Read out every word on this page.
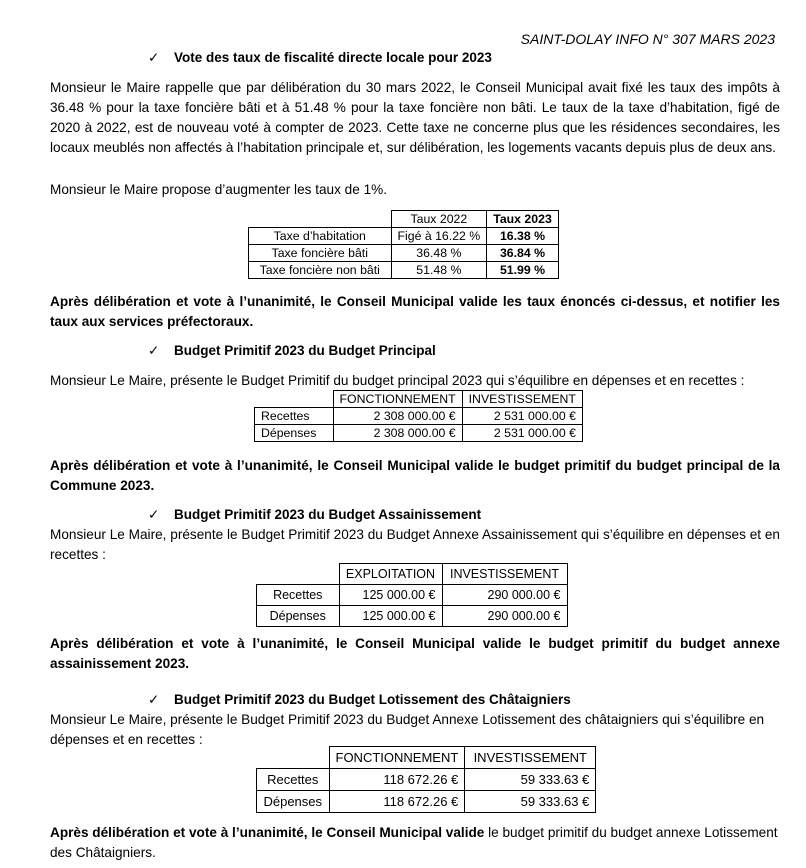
SAINT-DOLAY INFO N° 307 MARS 2023
✓ Vote des taux de fiscalité directe locale pour 2023
Monsieur le Maire rappelle que par délibération du 30 mars 2022, le Conseil Municipal avait fixé les taux des impôts à 36.48 % pour la taxe foncière bâti et à 51.48 % pour la taxe foncière non bâti. Le taux de la taxe d’habitation, figé de 2020 à 2022, est de nouveau voté à compter de 2023. Cette taxe ne concerne plus que les résidences secondaires, les locaux meublés non affectés à l’habitation principale et, sur délibération, les logements vacants depuis plus de deux ans.
Monsieur le Maire propose d’augmenter les taux de 1%.
	Taux 2022	Taux 2023
Taxe d’habitation	Figé à 16.22 %	16.38 %
Taxe foncière bâti	36.48 %	36.84 %
Taxe foncière non bâti	51.48 %	51.99 %
Après délibération et vote à l’unanimité, le Conseil Municipal valide les taux énoncés ci-dessus, et notifier les taux aux services préfectoraux.
✓ Budget Primitif 2023 du Budget Principal
Monsieur Le Maire, présente le Budget Primitif du budget principal 2023 qui s’équilibre en dépenses et en recettes :
	FONCTIONNEMENT	INVESTISSEMENT
Recettes	2 308 000.00 €	2 531 000.00 €
Dépenses	2 308 000.00 €	2 531 000.00 €
Après délibération et vote à l’unanimité, le Conseil Municipal valide le budget primitif du budget principal de la Commune 2023.
✓ Budget Primitif 2023 du Budget Assainissement
Monsieur Le Maire, présente le Budget Primitif 2023 du Budget Annexe Assainissement qui s’équilibre en dépenses et en recettes :
	EXPLOITATION	INVESTISSEMENT
Recettes	125 000.00 €	290 000.00 €
Dépenses	125 000.00 €	290 000.00 €
Après délibération et vote à l’unanimité, le Conseil Municipal valide le budget primitif du budget annexe assainissement 2023.
✓ Budget Primitif 2023 du Budget Lotissement des Châtaigniers
Monsieur Le Maire, présente le Budget Primitif 2023 du Budget Annexe Lotissement des châtaigniers qui s’équilibre en dépenses et en recettes :
	FONCTIONNEMENT	INVESTISSEMENT
Recettes	118 672.26 €	59 333.63 €
Dépenses	118 672.26 €	59 333.63 €
Après délibération et vote à l’unanimité, le Conseil Municipal valide le budget primitif du budget annexe Lotissement des Châtaigniers.
